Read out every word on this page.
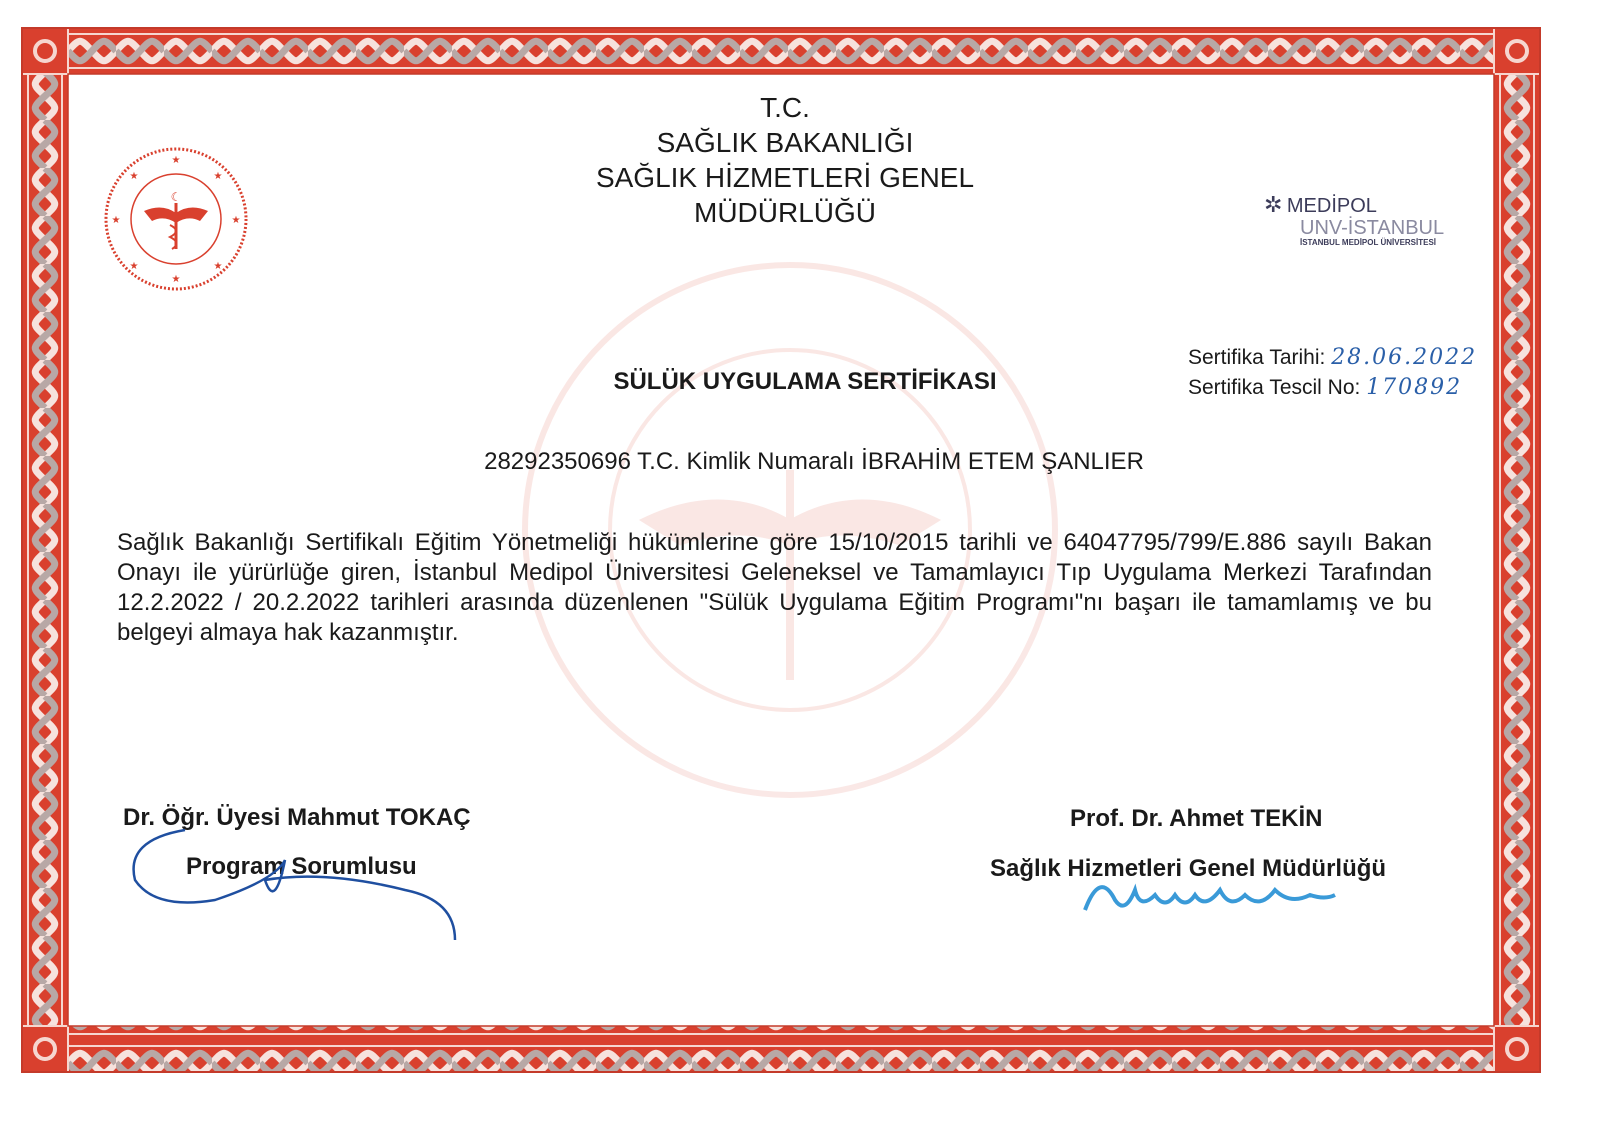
★
★
★	★
★	★
★	★
☾	✲ MEDİPOL
UNV-İSTANBUL
İSTANBUL MEDİPOL ÜNİVERSİTESİ
T.C.
SAĞLIK BAKANLIĞI
SAĞLIK HİZMETLERİ GENEL
MÜDÜRLÜĞÜ
Sertifika Tarihi: 28.06.2022
Sertifika Tescil No: 170892
SÜLÜK UYGULAMA SERTİFİKASI
28292350696 T.C. Kimlik Numaralı İBRAHİM ETEM ŞANLIER
Sağlık Bakanlığı Sertifikalı Eğitim Yönetmeliği hükümlerine göre 15/10/2015 tarihli ve 64047795/799/E.886 sayılı Bakan Onayı ile yürürlüğe giren, İstanbul Medipol Üniversitesi Geleneksel ve Tamamlayıcı Tıp Uygulama Merkezi Tarafından 12.2.2022 / 20.2.2022 tarihleri arasında düzenlenen "Sülük Uygulama Eğitim Programı"nı başarı ile tamamlamış ve bu belgeyi almaya hak kazanmıştır.
Dr. Öğr. Üyesi Mahmut TOKAÇ
Program Sorumlusu
Prof. Dr. Ahmet TEKİN
Sağlık Hizmetleri Genel Müdürlüğü
